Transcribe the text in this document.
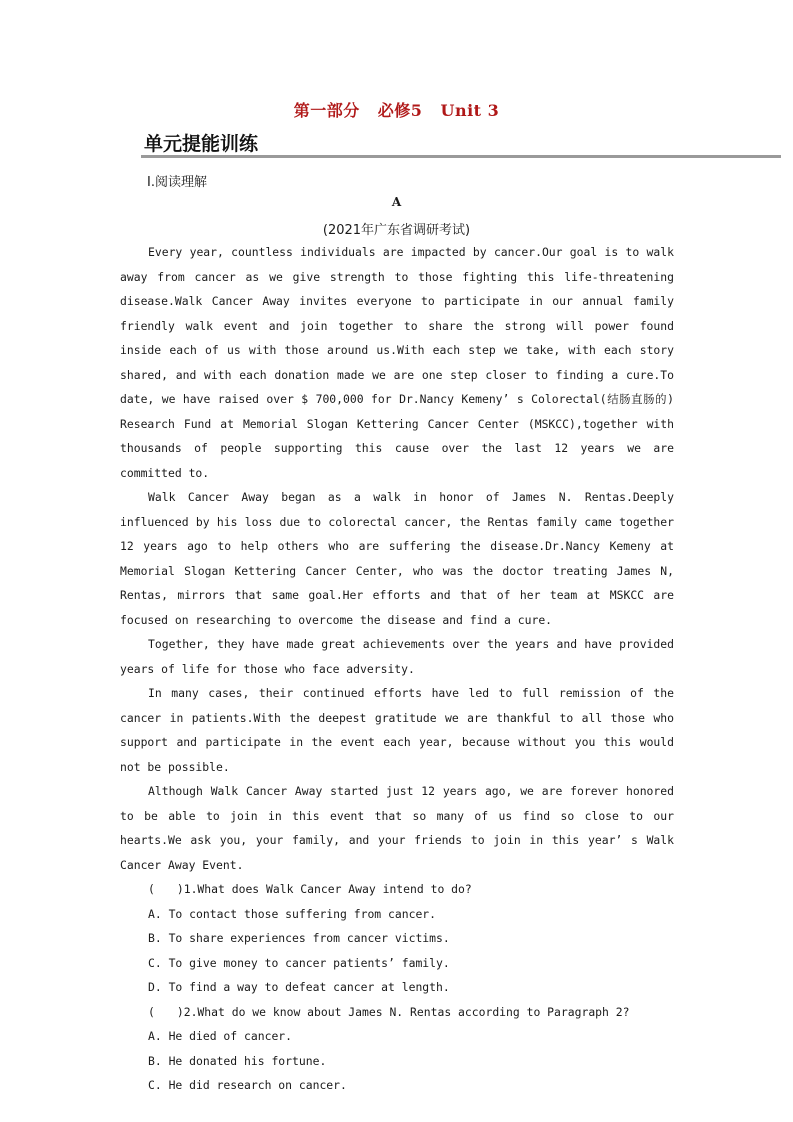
第一部分 必修5 Unit 3
单元提能训练
Ⅰ.阅读理解
A
(2021年广东省调研考试)

Every year, countless individuals are impacted by cancer.Our goal is to walk away from cancer as we give strength to those fighting this life-threatening disease.Walk Cancer Away invites everyone to participate in our annual family friendly walk event and join together to share the strong will power found inside each of us with those around us.With each step we take, with each story shared, and with each donation made we are one step closer to finding a cure.To date, we have raised over $ 700,000 for Dr.Nancy Kemeny’ s Colorectal(结肠直肠的) Research Fund at Memorial Slogan Kettering Cancer Center (MSKCC),together with thousands of people supporting this cause over the last 12 years we are committed to.

Walk Cancer Away began as a walk in honor of James N. Rentas.Deeply influenced by his loss due to colorectal cancer, the Rentas family came together 12 years ago to help others who are suffering the disease.Dr.Nancy Kemeny at Memorial Slogan Kettering Cancer Center, who was the doctor treating James N, Rentas, mirrors that same goal.Her efforts and that of her team at MSKCC are focused on researching to overcome the disease and find a cure.

Together, they have made great achievements over the years and have provided years of life for those who face adversity.

In many cases, their continued efforts have led to full remission of the cancer in patients.With the deepest gratitude we are thankful to all those who support and participate in the event each year, because without you this would not be possible.

Although Walk Cancer Away started just 12 years ago, we are forever honored to be able to join in this event that so many of us find so close to our hearts.We ask you, your family, and your friends to join in this year’ s Walk Cancer Away Event.

( )1.What does Walk Cancer Away intend to do?

A. To contact those suffering from cancer.

B. To share experiences from cancer victims.

C. To give money to cancer patients’ family.

D. To find a way to defeat cancer at length.

( )2.What do we know about James N. Rentas according to Paragraph 2?

A. He died of cancer.

B. He donated his fortune.

C. He did research on cancer.
